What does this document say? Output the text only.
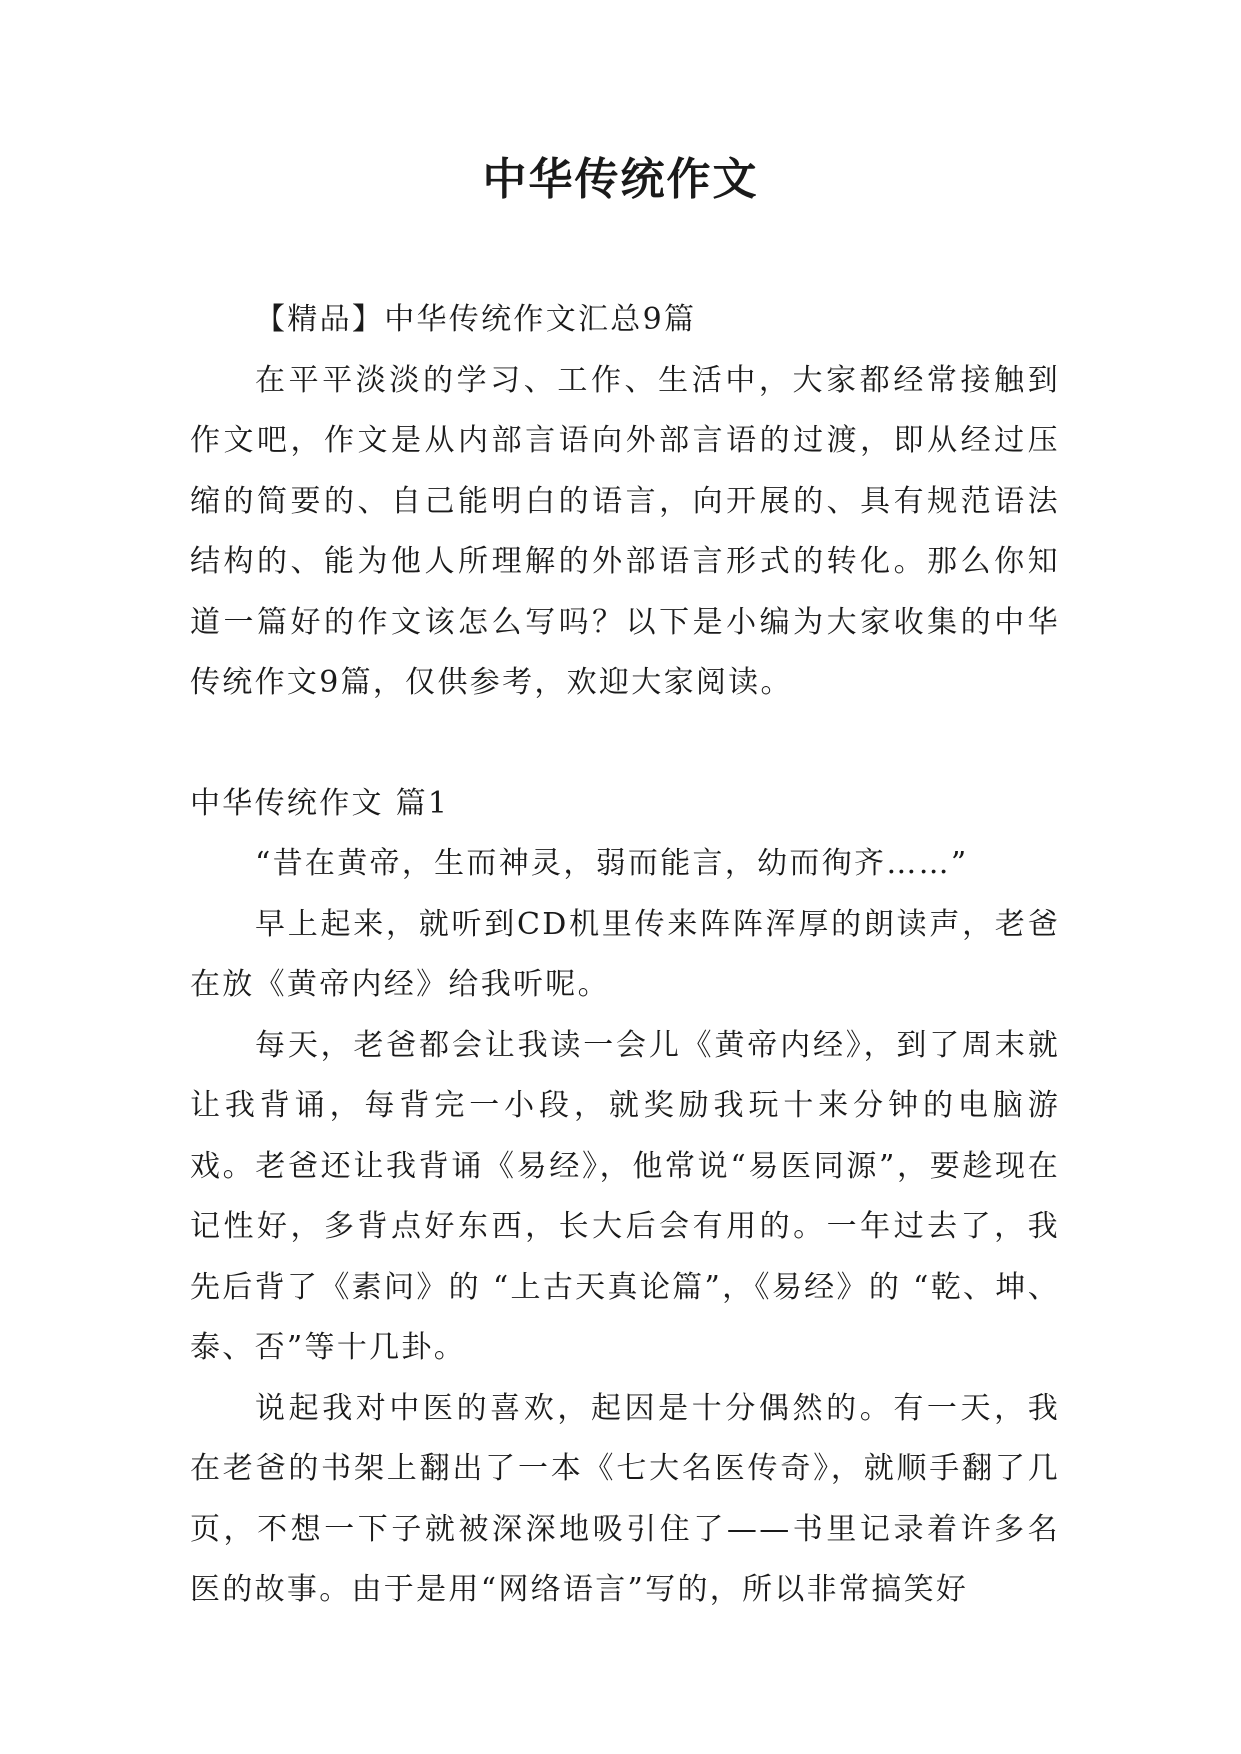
中华传统作文

【精品】中华传统作文汇总9篇

在平平淡淡的学习、工作、生活中，大家都经常接触到作文吧，作文是从内部言语向外部言语的过渡，即从经过压缩的简要的、自己能明白的语言，向开展的、具有规范语法结构的、能为他人所理解的外部语言形式的转化。那么你知道一篇好的作文该怎么写吗？以下是小编为大家收集的中华传统作文9篇，仅供参考，欢迎大家阅读。

中华传统作文 篇1

“昔在黄帝，生而神灵，弱而能言，幼而徇齐……”

早上起来，就听到CD机里传来阵阵浑厚的朗读声，老爸在放《黄帝内经》给我听呢。

每天，老爸都会让我读一会儿《黄帝内经》，到了周末就让我背诵，每背完一小段，就奖励我玩十来分钟的电脑游戏。老爸还让我背诵《易经》，他常说“易医同源”，要趁现在记性好，多背点好东西，长大后会有用的。一年过去了，我先后背了《素问》的 “上古天真论篇”，《易经》的 “乾、坤、泰、否”等十几卦。

说起我对中医的喜欢，起因是十分偶然的。有一天，我在老爸的书架上翻出了一本《七大名医传奇》，就顺手翻了几页，不想一下子就被深深地吸引住了——书里记录着许多名医的故事。由于是用“网络语言”写的，所以非常搞笑好
